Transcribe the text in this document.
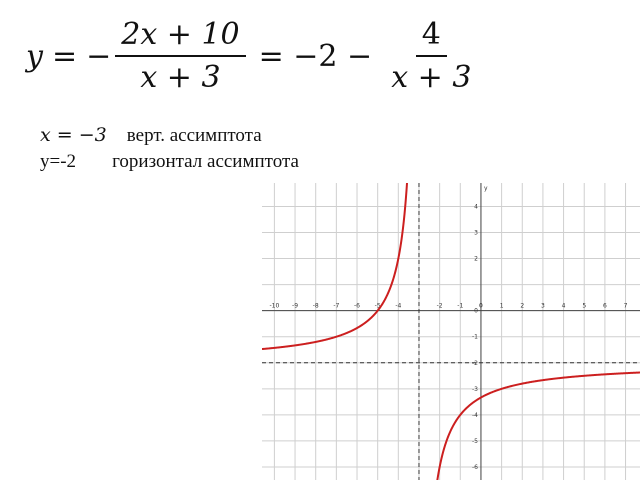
y = − $\frac{2x + 10}{x + 3} = -2 - \frac{4}{x + 3}$
x = −3 верт. ассимптота
y=-2 горизонтал ассимптота
-10 -9 -8 -7 -6 -5 -4	-2 -1	0	1	2	3	4	5	6	7
4
3
2
0
-1
-2
-3
-4
-5
-6
y
